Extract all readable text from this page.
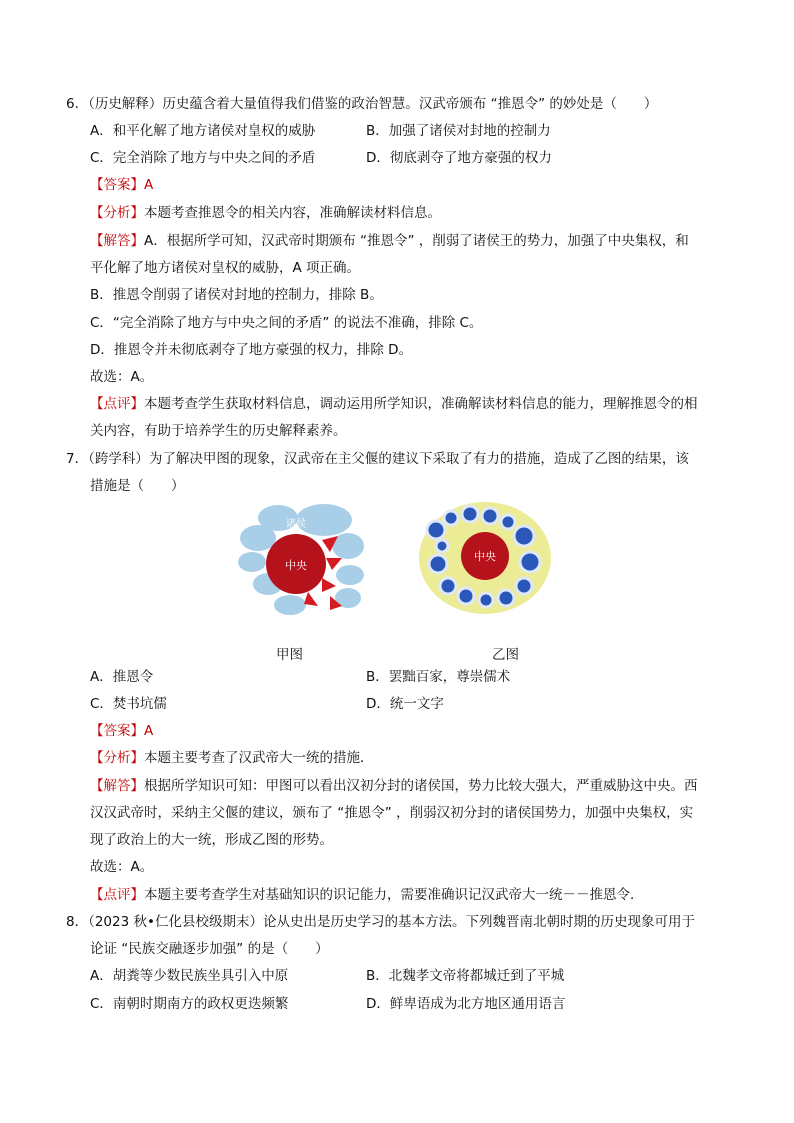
6．（历史解释）历史蕴含着大量值得我们借鉴的政治智慧。汉武帝颁布 “推恩令” 的妙处是（　　）
A．和平化解了地方诸侯对皇权的威胁	B．加强了诸侯对封地的控制力
C．完全消除了地方与中央之间的矛盾	D．彻底剥夺了地方豪强的权力
【答案】A
【分析】本题考查推恩令的相关内容，准确解读材料信息。
【解答】A．根据所学可知，汉武帝时期颁布 “推恩令” ，削弱了诸侯王的势力，加强了中央集权，和
平化解了地方诸侯对皇权的威胁，A 项正确。
B．推恩令削弱了诸侯对封地的控制力，排除 B。
C．“完全消除了地方与中央之间的矛盾” 的说法不准确，排除 C。
D．推恩令并未彻底剥夺了地方豪强的权力，排除 D。
故选：A。
【点评】本题考查学生获取材料信息，调动运用所学知识，准确解读材料信息的能力，理解推恩令的相
关内容，有助于培养学生的历史解释素养。
7．（跨学科）为了解决甲图的现象，汉武帝在主父偃的建议下采取了有力的措施，造成了乙图的结果，该
措施是（　　）
中央
诸侯
中央
甲图	乙图
A．推恩令	B．罢黜百家，尊崇儒术
C．焚书坑儒	D．统一文字
【答案】A
【分析】本题主要考查了汉武帝大一统的措施．
【解答】根据所学知识可知：甲图可以看出汉初分封的诸侯国，势力比较大强大，严重威胁这中央。西
汉汉武帝时，采纳主父偃的建议，颁布了 “推恩令” ，削弱汉初分封的诸侯国势力，加强中央集权，实
现了政治上的大一统，形成乙图的形势。
故选：A。
【点评】本题主要考查学生对基础知识的识记能力，需要准确识记汉武帝大一统－－推恩令．
8．（2023 秋•仁化县校级期末）论从史出是历史学习的基本方法。下列魏晋南北朝时期的历史现象可用于
论证 “民族交融逐步加强” 的是（　　）
A．胡粪等少数民族坐具引入中原	B．北魏孝文帝将都城迁到了平城
C．南朝时期南方的政权更迭频繁	D．鲜卑语成为北方地区通用语言
